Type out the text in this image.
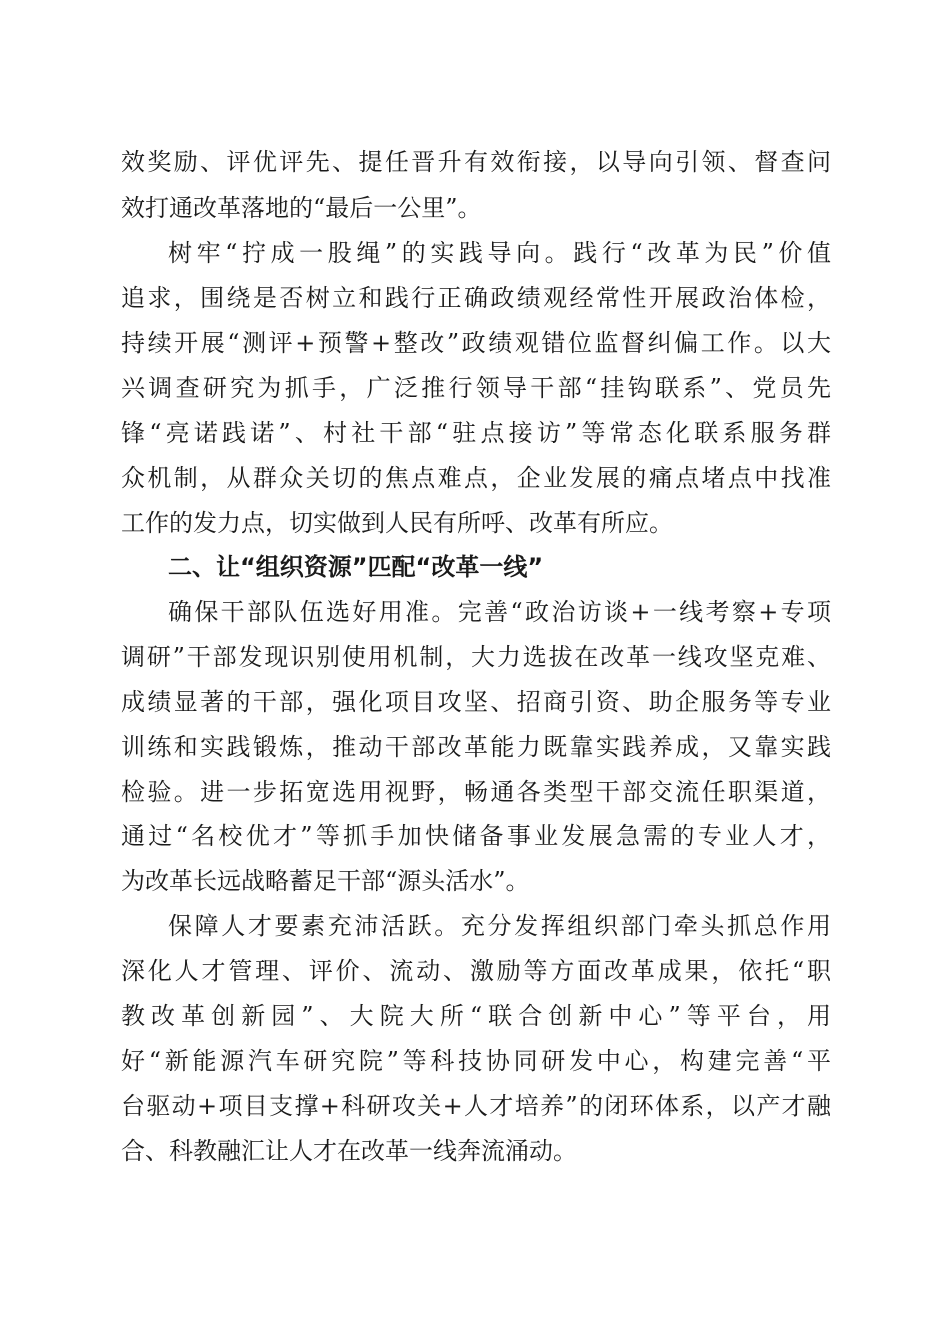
效奖励、评优评先、提任晋升有效衔接，以导向引领、督查问

效打通改革落地的“最后一公里”。

树牢“拧成一股绳”的实践导向。践行“改革为民”价值

追求，围绕是否树立和践行正确政绩观经常性开展政治体检，

持续开展“测评+预警+整改”政绩观错位监督纠偏工作。以大

兴调查研究为抓手，广泛推行领导干部“挂钩联系”、党员先

锋“亮诺践诺”、村社干部“驻点接访”等常态化联系服务群

众机制，从群众关切的焦点难点，企业发展的痛点堵点中找准

工作的发力点，切实做到人民有所呼、改革有所应。

二、让“组织资源”匹配“改革一线”

确保干部队伍选好用准。完善“政治访谈+一线考察+专项

调研”干部发现识别使用机制，大力选拔在改革一线攻坚克难、

成绩显著的干部，强化项目攻坚、招商引资、助企服务等专业

训练和实践锻炼，推动干部改革能力既靠实践养成，又靠实践

检验。进一步拓宽选用视野，畅通各类型干部交流任职渠道，

通过“名校优才”等抓手加快储备事业发展急需的专业人才，

为改革长远战略蓄足干部“源头活水”。

保障人才要素充沛活跃。充分发挥组织部门牵头抓总作用

深化人才管理、评价、流动、激励等方面改革成果，依托“职

教改革创新园”、大院大所“联合创新中心”等平台，用

好“新能源汽车研究院”等科技协同研发中心，构建完善“平

台驱动+项目支撑+科研攻关+人才培养”的闭环体系，以产才融

合、科教融汇让人才在改革一线奔流涌动。
